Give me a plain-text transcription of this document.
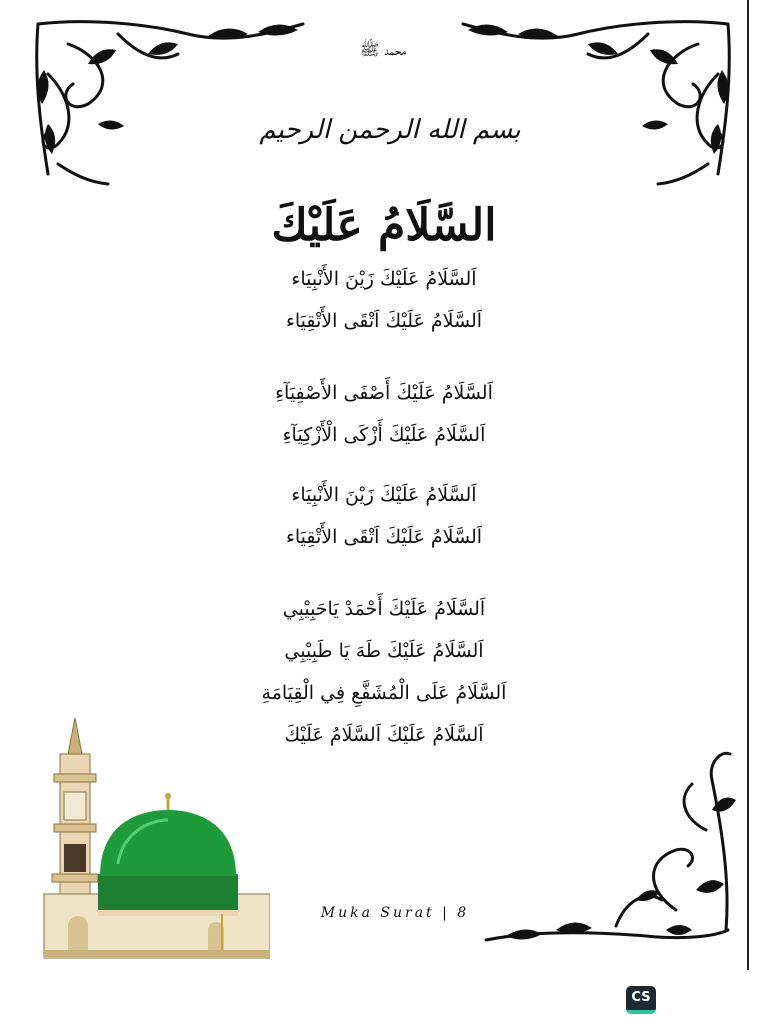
محمد ﷺ
بسم الله الرحمن الرحيم
السَّلَامُ عَلَيْكَ
اَلسَّلَامُ عَلَيْكَ زَيْنَ الأَنْبِيَاء
اَلسَّلَامُ عَلَيْكَ اَتْقَى الأَتْقِيَاء
اَلسَّلَامُ عَلَيْكَ أَصْفَى الأَصْفِيَآءِ
اَلسَّلَامُ عَلَيْكَ أَزْكَى الْأَزْكِيَآءِ
اَلسَّلَامُ عَلَيْكَ زَيْنَ الأَنْبِيَاء
اَلسَّلَامُ عَلَيْكَ اَتْقَى الأَتْقِيَاء
اَلسَّلَامُ عَلَيْكَ أَحْمَدْ يَاحَبِيْبِي
اَلسَّلَامُ عَلَيْكَ طَهَ يَا طَبِيْبِي
اَلسَّلَامُ عَلَى الْمُشَفَّعِ فِي الْقِيَامَةِ
اَلسَّلَامُ عَلَيْكَ اَلسَّلَامُ عَلَيْكَ
Muka Surat | 8
CS
